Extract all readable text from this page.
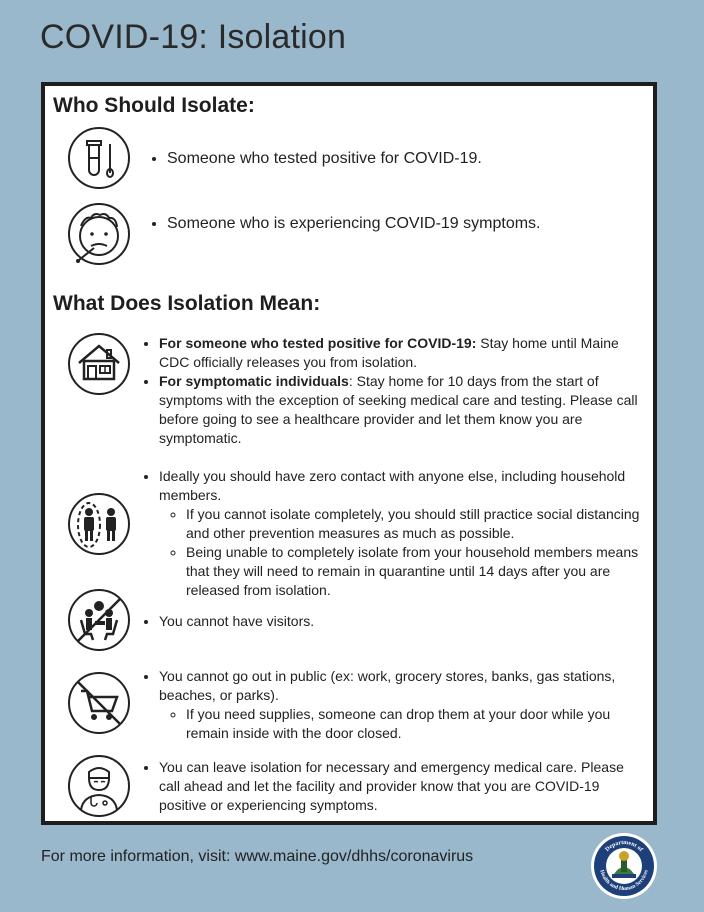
COVID-19: Isolation
Who Should Isolate:
• Someone who tested positive for COVID-19.
• Someone who is experiencing COVID-19 symptoms.
What Does Isolation Mean:
• For someone who tested positive for COVID-19: Stay home until Maine CDC officially releases you from isolation.
• For symptomatic individuals: Stay home for 10 days from the start of symptoms with the exception of seeking medical care and testing. Please call before going to see a healthcare provider and let them know you are symptomatic.
• Ideally you should have zero contact with anyone else, including household members.
◦ If you cannot isolate completely, you should still practice social distancing and other prevention measures as much as possible.
◦ Being unable to completely isolate from your household members means that they will need to remain in quarantine until 14 days after you are released from isolation.
• You cannot have visitors.
• You cannot go out in public (ex: work, grocery stores, banks, gas stations, beaches, or parks).
◦ If you need supplies, someone can drop them at your door while you remain inside with the door closed.
• You can leave isolation for necessary and emergency medical care. Please call ahead and let the facility and provider know that you are COVID-19 positive or experiencing symptoms.
For more information, visit: www.maine.gov/dhhs/coronavirus	Department of
Health and Human Services
